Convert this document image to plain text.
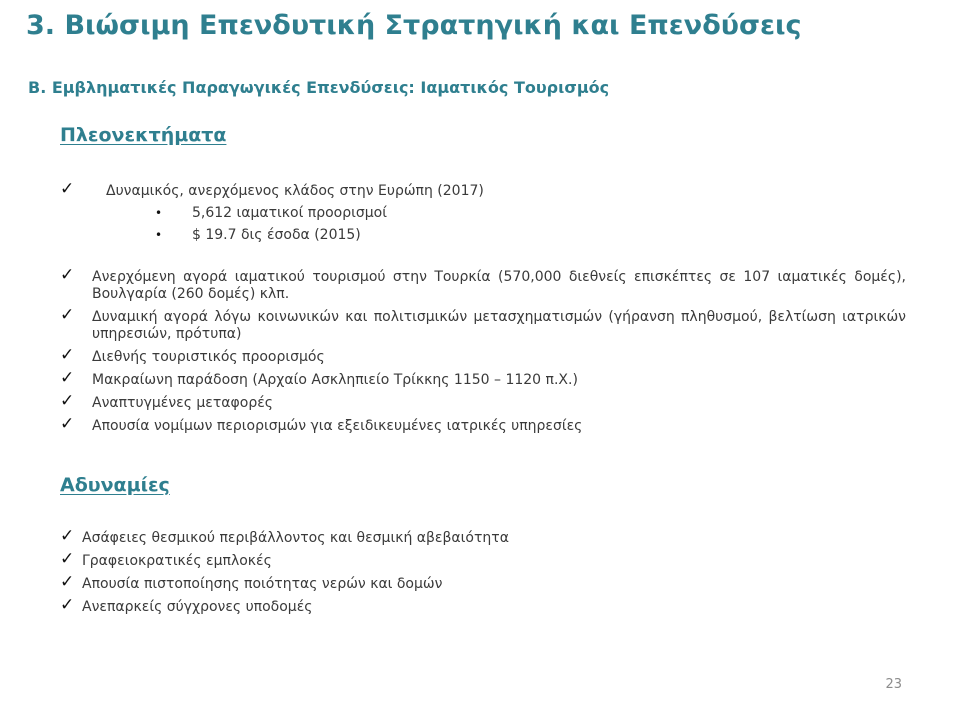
3. Βιώσιμη Επενδυτική Στρατηγική και Επενδύσεις
Β. Εμβληματικές Παραγωγικές Επενδύσεις: Ιαματικός Τουρισμός
Πλεονεκτήματα
✓	Δυναμικός, ανερχόμενος κλάδος στην Ευρώπη (2017)
• 5,612 ιαματικοί προορισμοί
• $ 19.7 δις έσοδα (2015)
✓	Ανερχόμενη αγορά ιαματικού τουρισμού στην Τουρκία (570,000 διεθνείς επισκέπτες σε 107 ιαματικές δομές), Βουλγαρία (260 δομές) κλπ.
✓	Δυναμική αγορά λόγω κοινωνικών και πολιτισμικών μετασχηματισμών (γήρανση πληθυσμού, βελτίωση ιατρικών υπηρεσιών, πρότυπα)
✓	Διεθνής τουριστικός προορισμός
✓	Μακραίωνη παράδοση (Αρχαίο Ασκληπιείο Τρίκκης 1150 – 1120 π.Χ.)
✓	Αναπτυγμένες μεταφορές
✓	Απουσία νομίμων περιορισμών για εξειδικευμένες ιατρικές υπηρεσίες
Αδυναμίες
✓ Ασάφειες θεσμικού περιβάλλοντος και θεσμική αβεβαιότητα
✓ Γραφειοκρατικές εμπλοκές
✓ Απουσία πιστοποίησης ποιότητας νερών και δομών
✓ Ανεπαρκείς σύγχρονες υποδομές
23
